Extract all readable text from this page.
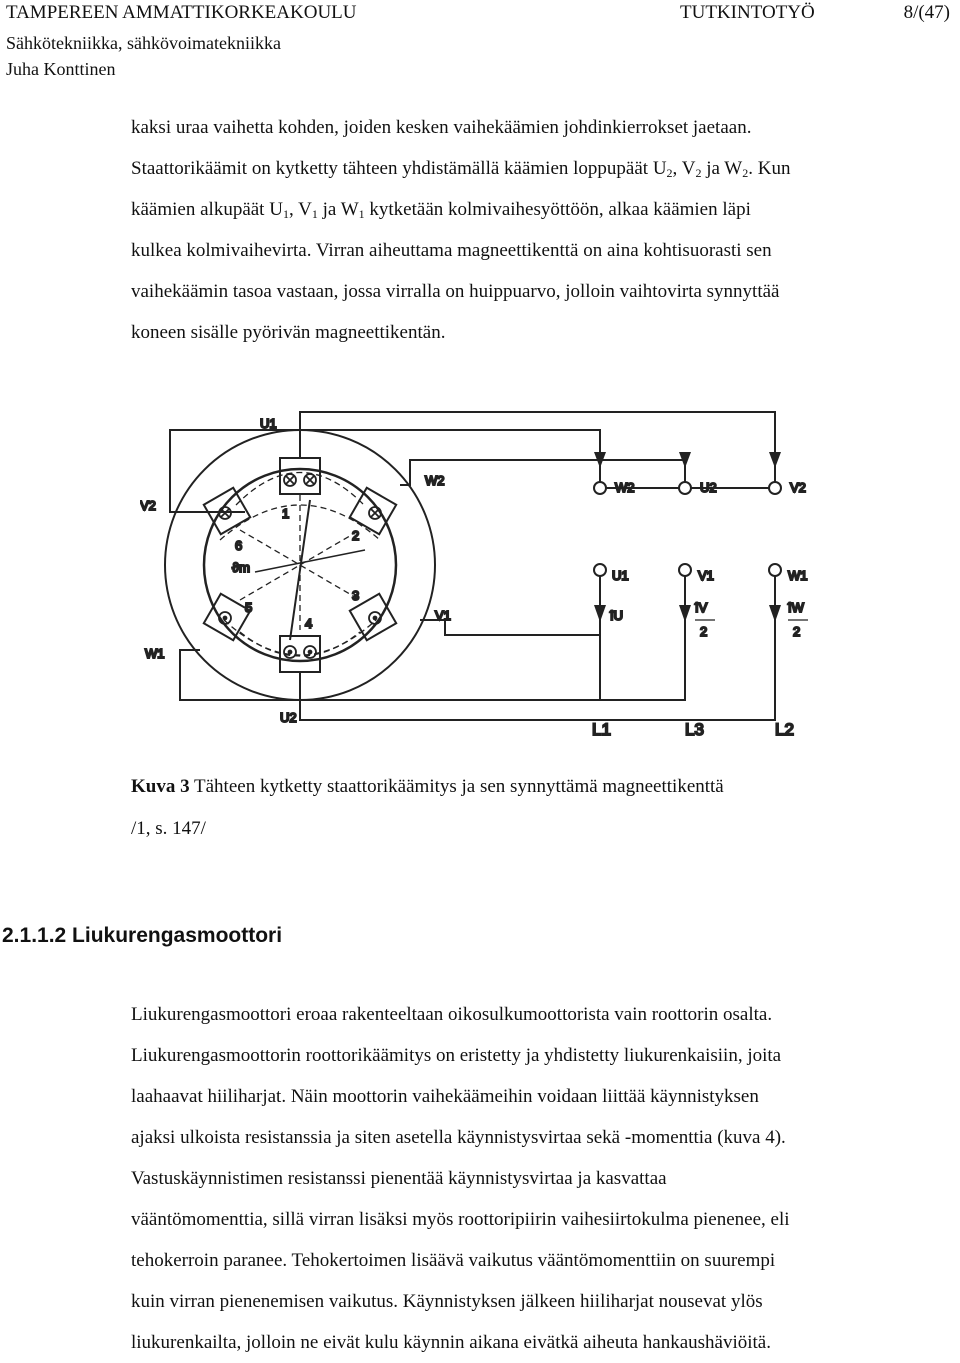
TAMPEREEN AMMATTIKORKEAKOULU
Sähkötekniikka, sähkövoimatekniikka
Juha Konttinen
TUTKINTOTYÖ	8/(47)
kaksi uraa vaihetta kohden, joiden kesken vaihekäämien johdinkierrokset jaetaan.
Staattorikäämit on kytketty tähteen yhdistämällä käämien loppupäät $U_2$, $V_2$ ja $W_2$. Kun
käämien alkupäät $U_1$, $V_1$ ja $W_1$ kytketään kolmivaihesyöttöön, alkaa käämien läpi
kulkea kolmivaihevirta. Virran aiheuttama magneettikenttä on aina kohtisuorasti sen
vaihekäämin tasoa vastaan, jossa virralla on huippuarvo, jolloin vaihtovirta synnyttää
koneen sisälle pyörivän magneettikentän.
1
2
3
4
5
6
ϑm
U1
V2
W2
V1
W1
U2
W2	U2	V2
U1	V1	W1
îU
îV
2
îW
2
L1	L3	L2
Kuva 3 Tähteen kytketty staattorikäämitys ja sen synnyttämä magneettikenttä
/1, s. 147/
2.1.1.2 Liukurengasmoottori
Liukurengasmoottori eroaa rakenteeltaan oikosulkumoottorista vain roottorin osalta.
Liukurengasmoottorin roottorikäämitys on eristetty ja yhdistetty liukurenkaisiin, joita
laahaavat hiiliharjat. Näin moottorin vaihekäämeihin voidaan liittää käynnistyksen
ajaksi ulkoista resistanssia ja siten asetella käynnistysvirtaa sekä -momenttia (kuva 4).
Vastuskäynnistimen resistanssi pienentää käynnistysvirtaa ja kasvattaa
vääntömomenttia, sillä virran lisäksi myös roottoripiirin vaihesiirtokulma pienenee, eli
tehokerroin paranee. Tehokertoimen lisäävä vaikutus vääntömomenttiin on suurempi
kuin virran pienenemisen vaikutus. Käynnistyksen jälkeen hiiliharjat nousevat ylös
liukurenkailta, jolloin ne eivät kulu käynnin aikana eivätkä aiheuta hankaushäviöitä.
